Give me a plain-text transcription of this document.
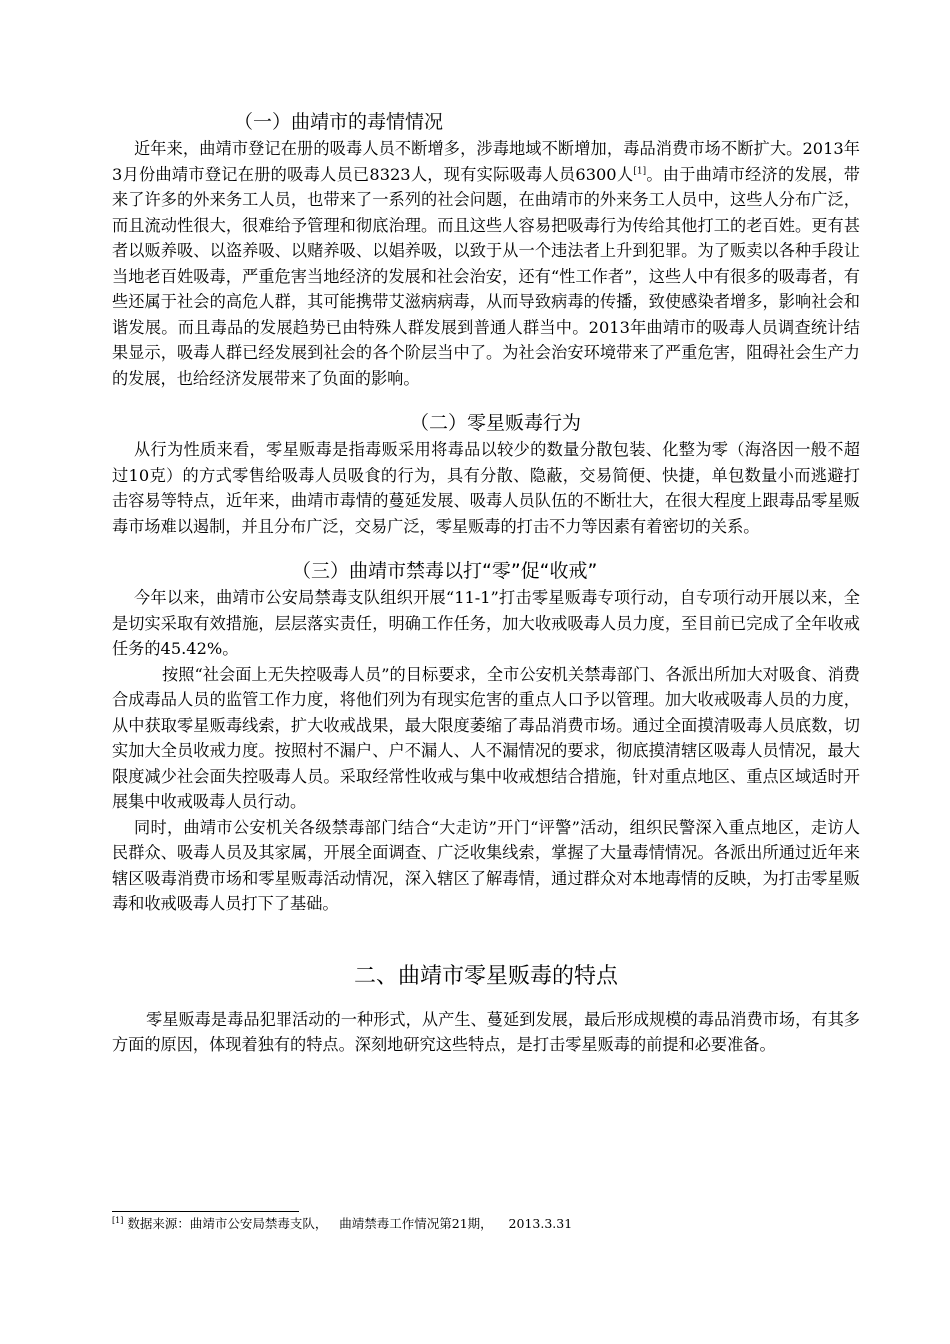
（一）曲靖市的毒情情况

近年来，曲靖市登记在册的吸毒人员不断增多，涉毒地域不断增加，毒品消费市场不断扩大。2013年3月份曲靖市登记在册的吸毒人员已8323人，现有实际吸毒人员6300人[1]。由于曲靖市经济的发展，带来了许多的外来务工人员，也带来了一系列的社会问题，在曲靖市的外来务工人员中，这些人分布广泛，而且流动性很大，很难给予管理和彻底治理。而且这些人容易把吸毒行为传给其他打工的老百姓。更有甚者以贩养吸、以盗养吸、以赌养吸、以娼养吸，以致于从一个违法者上升到犯罪。为了贩卖以各种手段让当地老百姓吸毒，严重危害当地经济的发展和社会治安，还有“性工作者”，这些人中有很多的吸毒者，有些还属于社会的高危人群，其可能携带艾滋病病毒，从而导致病毒的传播，致使感染者增多，影响社会和谐发展。而且毒品的发展趋势已由特殊人群发展到普通人群当中。2013年曲靖市的吸毒人员调查统计结果显示，吸毒人群已经发展到社会的各个阶层当中了。为社会治安环境带来了严重危害，阻碍社会生产力的发展，也给经济发展带来了负面的影响。

（二）零星贩毒行为

从行为性质来看，零星贩毒是指毒贩采用将毒品以较少的数量分散包装、化整为零（海洛因一般不超过10克）的方式零售给吸毒人员吸食的行为，具有分散、隐蔽，交易简便、快捷，单包数量小而逃避打击容易等特点，近年来，曲靖市毒情的蔓延发展、吸毒人员队伍的不断壮大，在很大程度上跟毒品零星贩毒市场难以遏制，并且分布广泛，交易广泛，零星贩毒的打击不力等因素有着密切的关系。

（三）曲靖市禁毒以打“零”促“收戒”

今年以来，曲靖市公安局禁毒支队组织开展“11-1”打击零星贩毒专项行动，自专项行动开展以来，全是切实采取有效措施，层层落实责任，明确工作任务，加大收戒吸毒人员力度，至目前已完成了全年收戒任务的45.42%。

按照“社会面上无失控吸毒人员”的目标要求，全市公安机关禁毒部门、各派出所加大对吸食、消费合成毒品人员的监管工作力度，将他们列为有现实危害的重点人口予以管理。加大收戒吸毒人员的力度，从中获取零星贩毒线索，扩大收戒战果，最大限度萎缩了毒品消费市场。通过全面摸清吸毒人员底数，切实加大全员收戒力度。按照村不漏户、户不漏人、人不漏情况的要求，彻底摸清辖区吸毒人员情况，最大限度减少社会面失控吸毒人员。采取经常性收戒与集中收戒想结合措施，针对重点地区、重点区域适时开展集中收戒吸毒人员行动。

同时，曲靖市公安机关各级禁毒部门结合“大走访”开门“评警”活动，组织民警深入重点地区，走访人民群众、吸毒人员及其家属，开展全面调查、广泛收集线索，掌握了大量毒情情况。各派出所通过近年来辖区吸毒消费市场和零星贩毒活动情况，深入辖区了解毒情，通过群众对本地毒情的反映，为打击零星贩毒和收戒吸毒人员打下了基础。

二、曲靖市零星贩毒的特点

零星贩毒是毒品犯罪活动的一种形式，从产生、蔓延到发展，最后形成规模的毒品消费市场，有其多方面的原因，体现着独有的特点。深刻地研究这些特点，是打击零星贩毒的前提和必要准备。

[1] 数据来源：曲靖市公安局禁毒支队，   曲靖禁毒工作情况第21期，    2013.3.31
